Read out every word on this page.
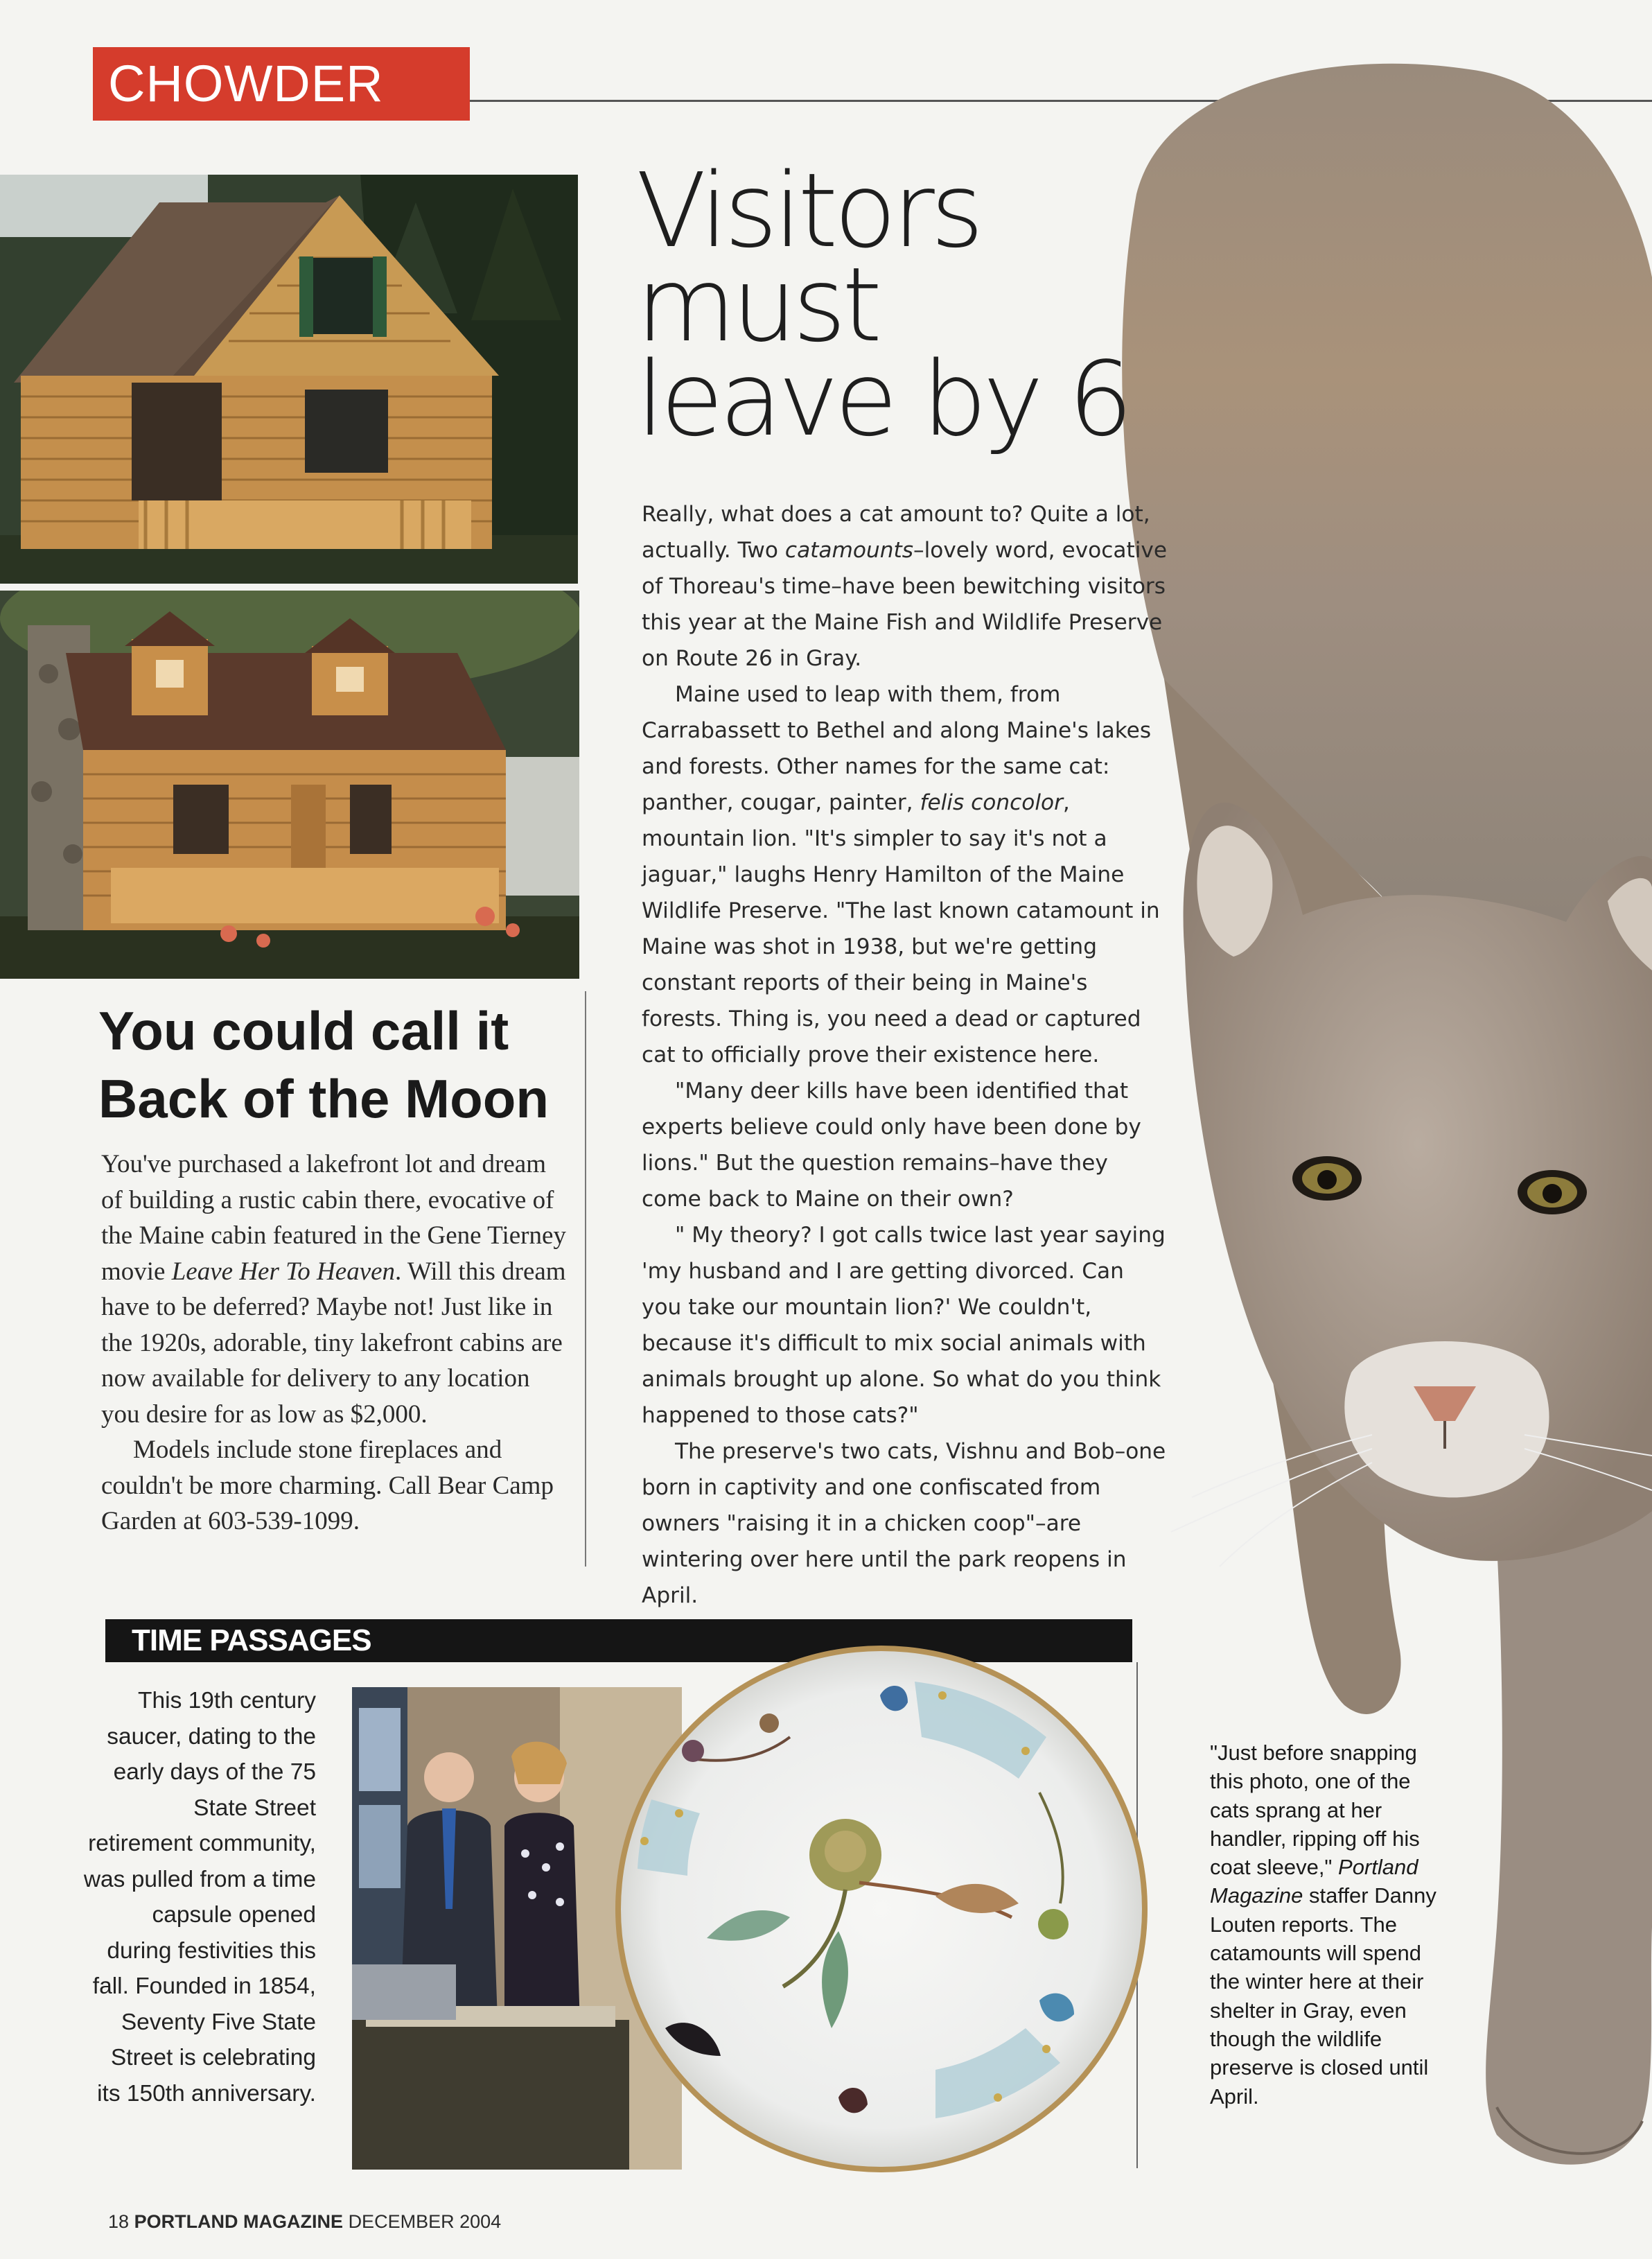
CHOWDER
You could call it
Back of the Moon

You've purchased a lakefront lot and dream of building a rustic cabin there, evocative of the Maine cabin featured in the Gene Tierney movie Leave Her To Heaven. Will this dream have to be deferred? Maybe not! Just like in the 1920s, adorable, tiny lakefront cabins are now available for delivery to any location you desire for as low as $2,000.

Models include stone fireplaces and couldn't be more charming. Call Bear Camp Garden at 603-539-1099.

Visitors
must
leave by 6

Really, what does a cat amount to? Quite a lot, actually. Two catamounts–lovely word, evocative of Thoreau's time–have been bewitching visitors this year at the Maine Fish and Wildlife Preserve on Route 26 in Gray.

Maine used to leap with them, from Carrabassett to Bethel and along Maine's lakes and forests. Other names for the same cat: panther, cougar, painter, felis concolor, mountain lion. "It's simpler to say it's not a jaguar," laughs Henry Hamilton of the Maine Wildlife Preserve. "The last known catamount in Maine was shot in 1938, but we're getting constant reports of their being in Maine's forests. Thing is, you need a dead or captured cat to officially prove their existence here.

"Many deer kills have been identified that experts believe could only have been done by lions." But the question remains–have they come back to Maine on their own?

" My theory? I got calls twice last year saying 'my husband and I are getting divorced. Can you take our mountain lion?' We couldn't, because it's difficult to mix social animals with animals brought up alone. So what do you think happened to those cats?"

The preserve's two cats, Vishnu and Bob–one born in captivity and one confiscated from owners "raising it in a chicken coop"–are wintering over here until the park reopens in April.

"Just before snapping this photo, one of the cats sprang at her handler, ripping off his coat sleeve," Portland Magazine staffer Danny Louten reports. The catamounts will spend the winter here at their shelter in Gray, even though the wildlife preserve is closed until April.
TIME PASSAGES
This 19th century saucer, dating to the early days of the 75 State Street retirement community, was pulled from a time capsule opened during festivities this fall. Founded in 1854, Seventy Five State Street is celebrating its 150th anniversary.
18 PORTLAND MAGAZINE DECEMBER 2004
